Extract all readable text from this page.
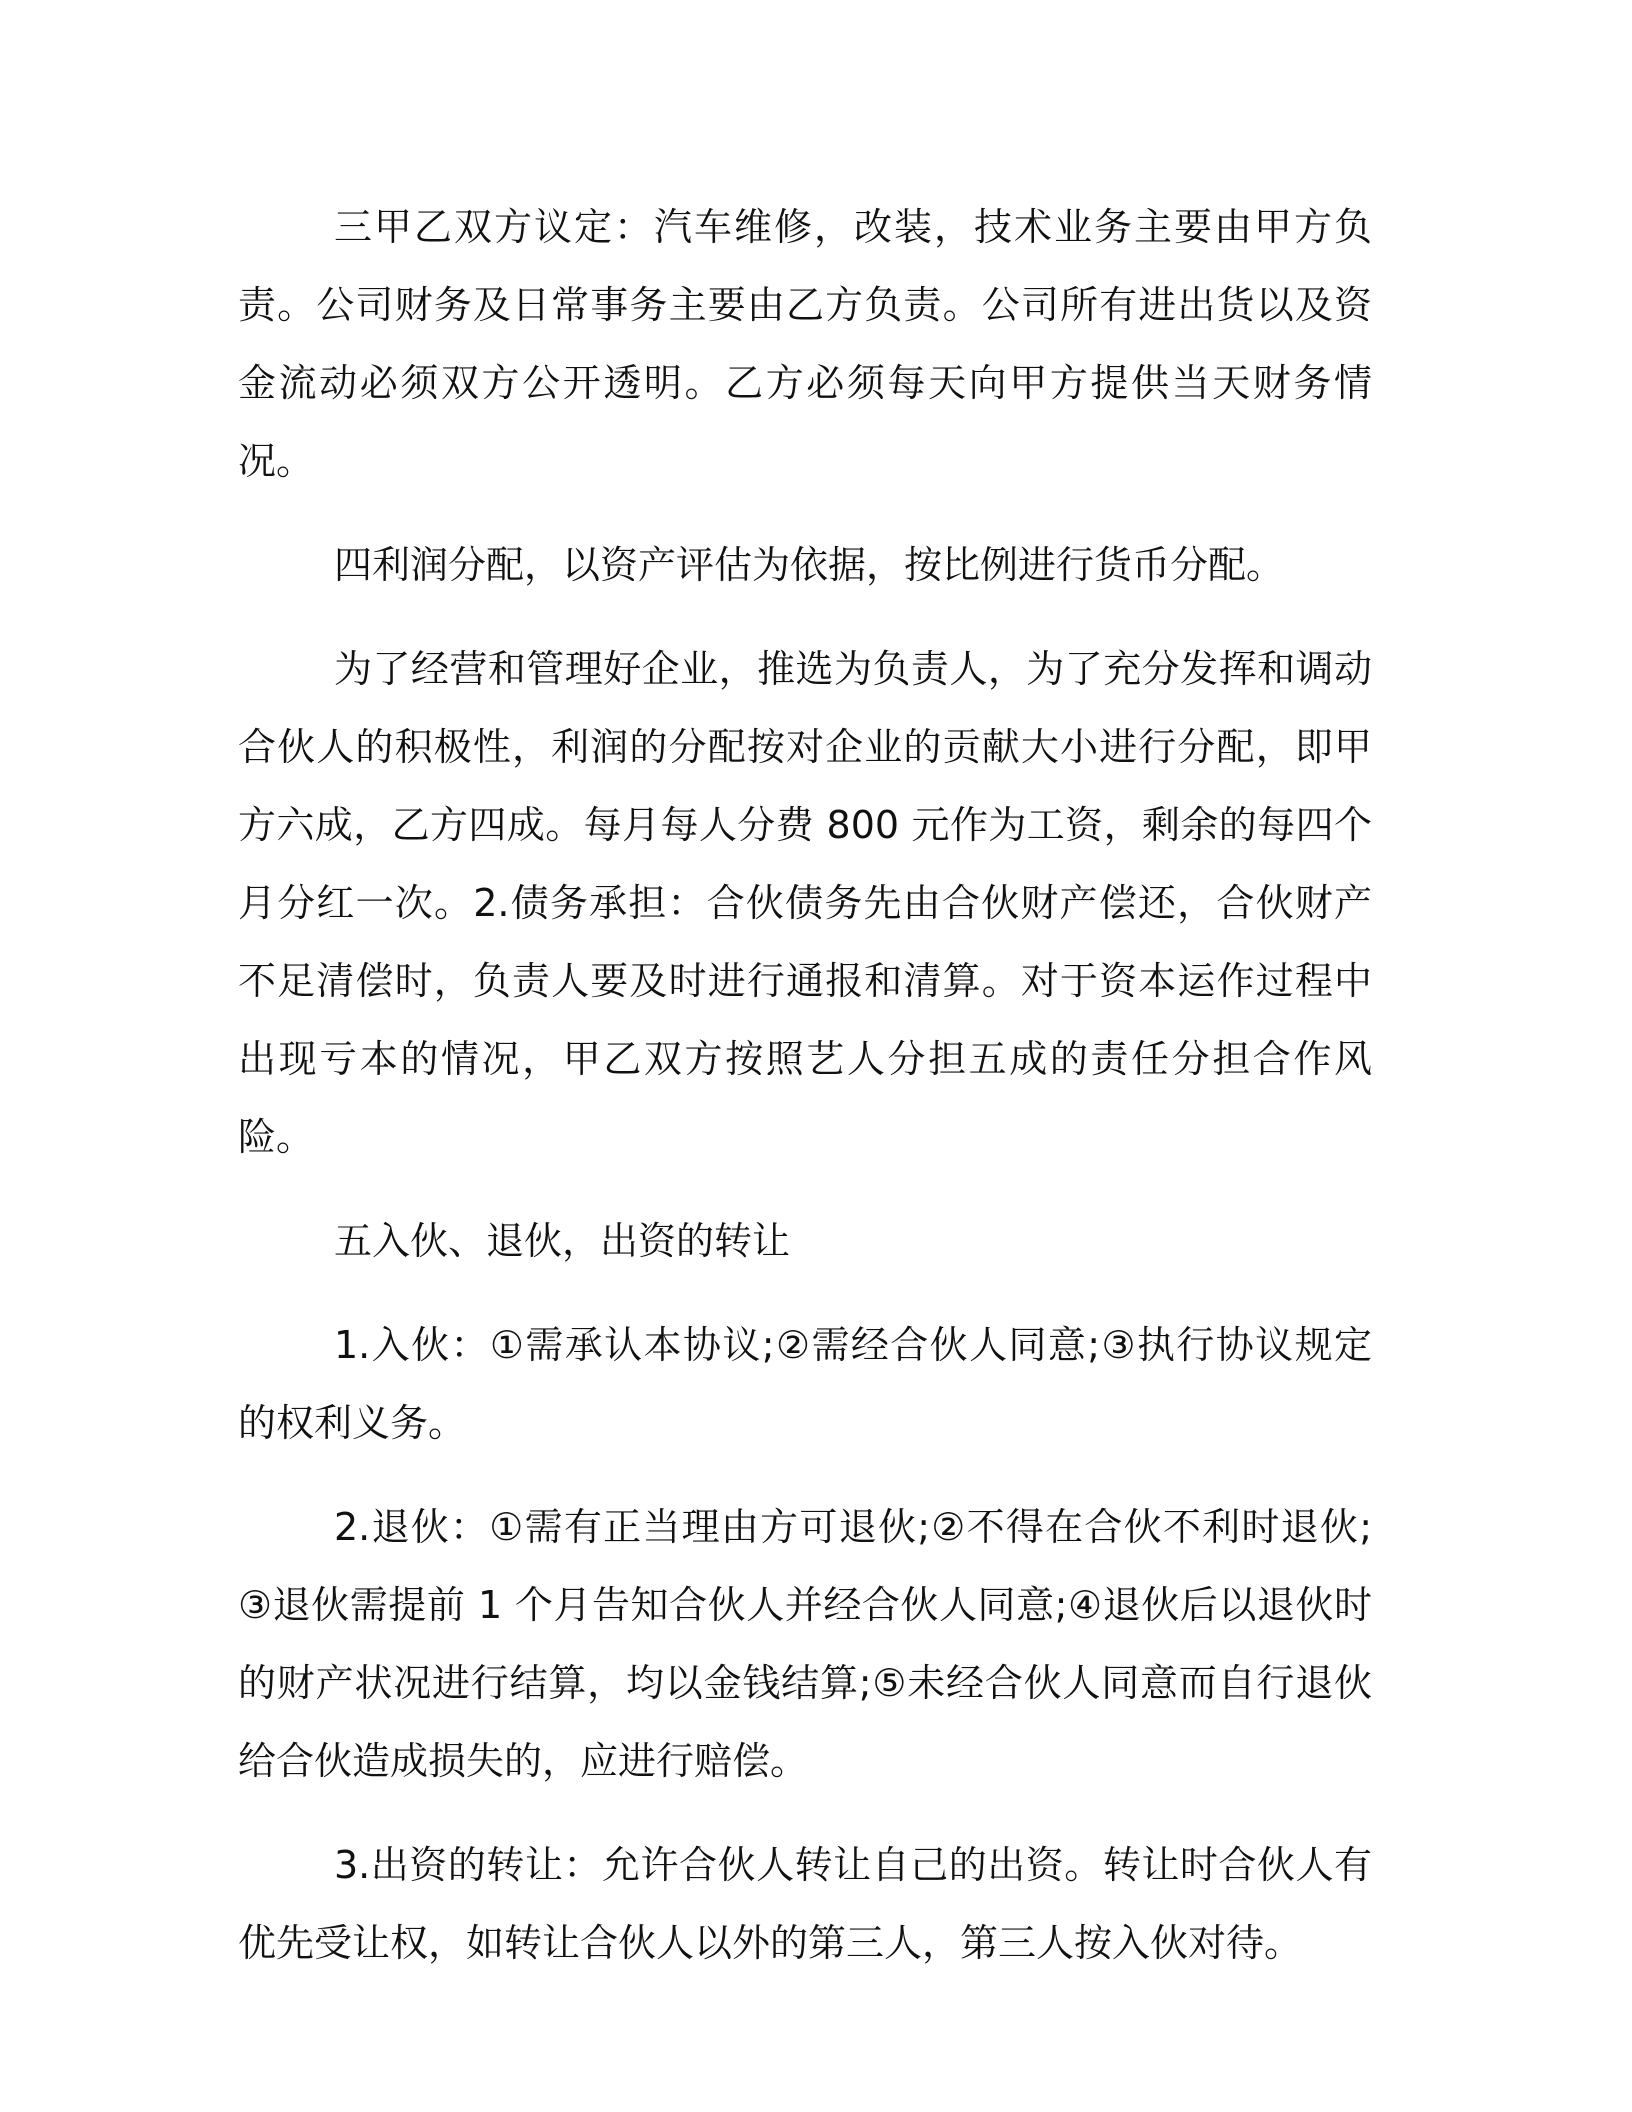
三甲乙双方议定：汽车维修，改装，技术业务主要由甲方负责。公司财务及日常事务主要由乙方负责。公司所有进出货以及资金流动必须双方公开透明。乙方必须每天向甲方提供当天财务情况。

四利润分配，以资产评估为依据，按比例进行货币分配。

为了经营和管理好企业，推选为负责人，为了充分发挥和调动合伙人的积极性，利润的分配按对企业的贡献大小进行分配，即甲方六成，乙方四成。每月每人分费 800 元作为工资，剩余的每四个月分红一次。2.债务承担：合伙债务先由合伙财产偿还，合伙财产不足清偿时，负责人要及时进行通报和清算。对于资本运作过程中出现亏本的情况，甲乙双方按照艺人分担五成的责任分担合作风险。

五入伙、退伙，出资的转让

1.入伙：①需承认本协议;②需经合伙人同意;③执行协议规定的权利义务。

2.退伙：①需有正当理由方可退伙;②不得在合伙不利时退伙;③退伙需提前 1 个月告知合伙人并经合伙人同意;④退伙后以退伙时的财产状况进行结算，均以金钱结算;⑤未经合伙人同意而自行退伙给合伙造成损失的，应进行赔偿。

3.出资的转让：允许合伙人转让自己的出资。转让时合伙人有优先受让权，如转让合伙人以外的第三人，第三人按入伙对待。
